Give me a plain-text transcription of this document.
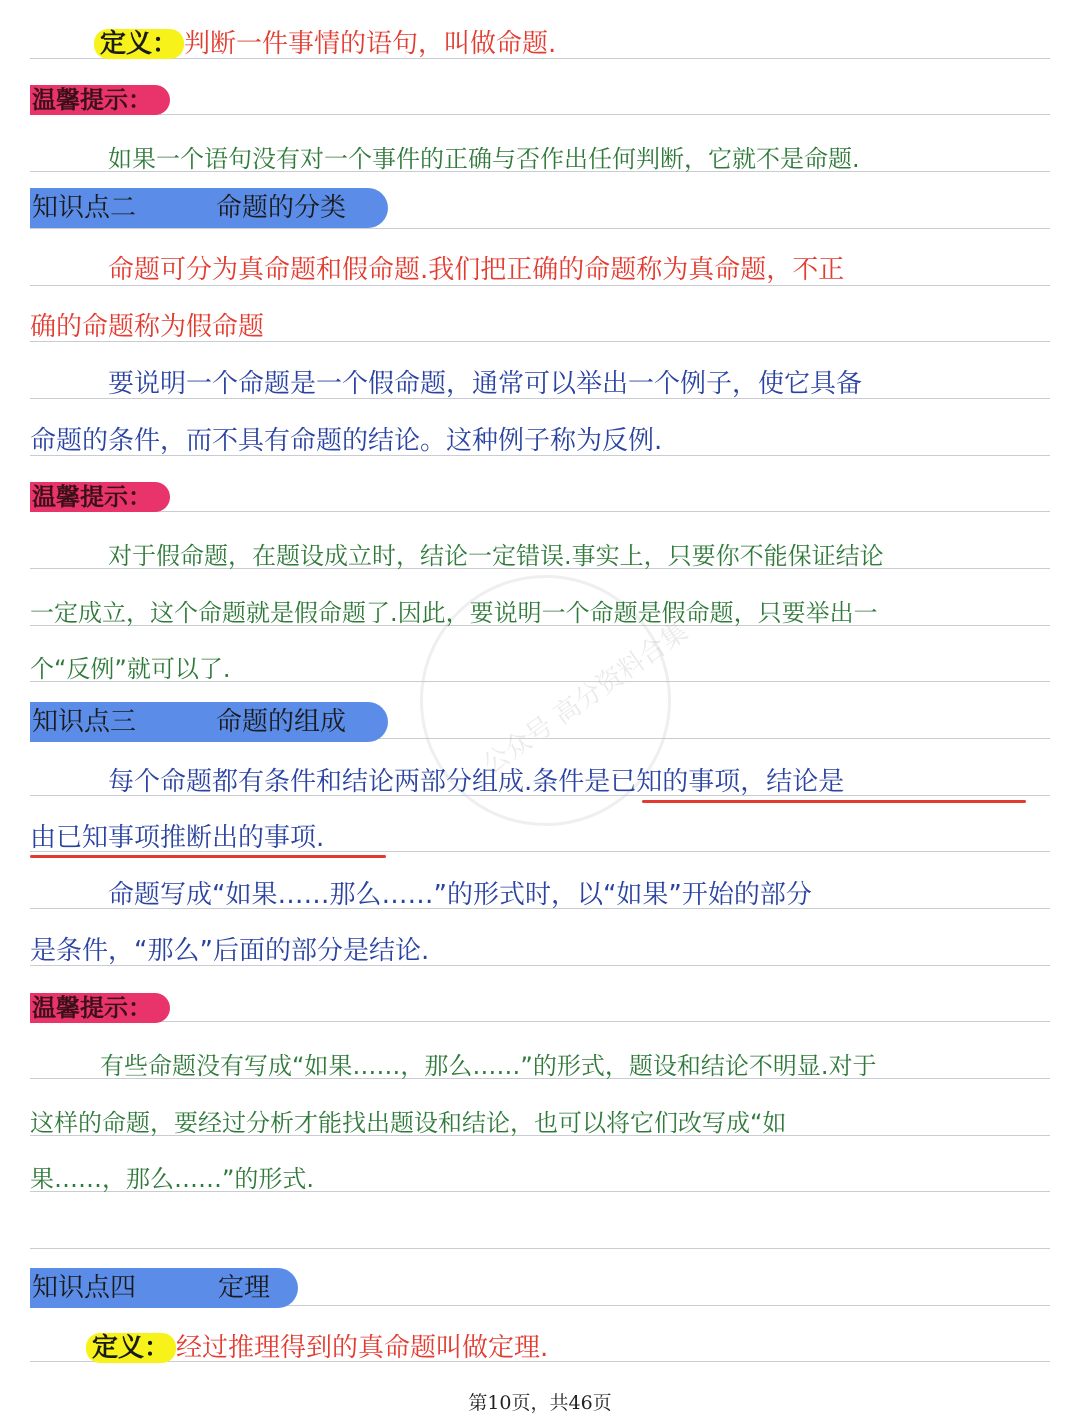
公众号 高分资料合集
定义： 判断一件事情的语句，叫做命题.
温馨提示：
如果一个语句没有对一个事件的正确与否作出任何判断，它就不是命题.
知识点二	命题的分类
命题可分为真命题和假命题.我们把正确的命题称为真命题，不正
确的命题称为假命题
要说明一个命题是一个假命题，通常可以举出一个例子，使它具备
命题的条件，而不具有命题的结论。这种例子称为反例.
温馨提示：
对于假命题，在题设成立时，结论一定错误.事实上，只要你不能保证结论
一定成立，这个命题就是假命题了.因此，要说明一个命题是假命题，只要举出一
个“反例”就可以了.
知识点三	命题的组成
每个命题都有条件和结论两部分组成.条件是已知的事项，结论是
由已知事项推断出的事项.
命题写成“如果……那么……”的形式时，以“如果”开始的部分
是条件，“那么”后面的部分是结论.
温馨提示：
有些命题没有写成“如果……，那么……”的形式，题设和结论不明显.对于
这样的命题，要经过分析才能找出题设和结论，也可以将它们改写成“如
果……，那么……”的形式.
知识点四	定理
定义： 经过推理得到的真命题叫做定理.
第10页，共46页
